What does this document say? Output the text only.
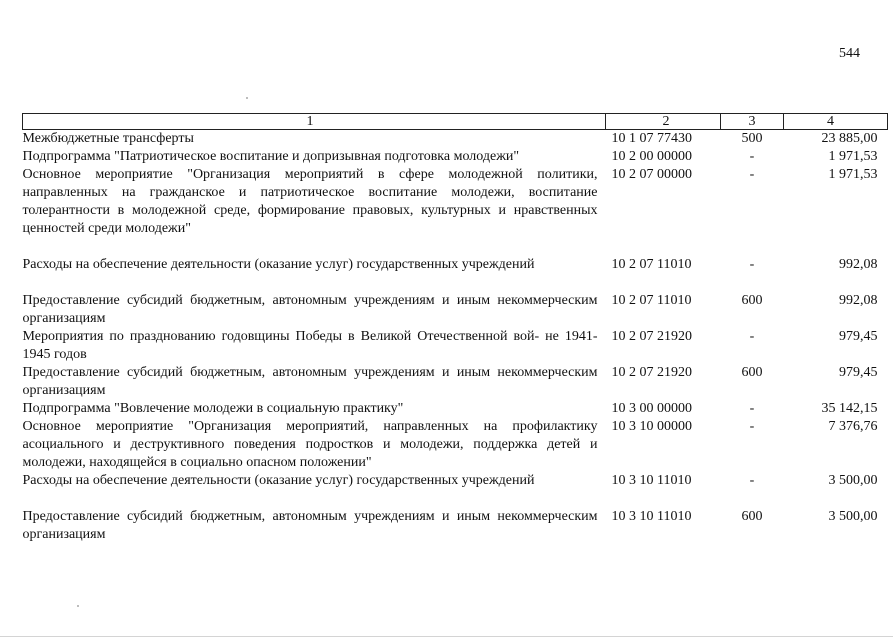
544
1	2	3	4
Межбюджетные трансферты	10 1 07 77430	500	23 885,00
Подпрограмма "Патриотическое воспитание и допризывная подготовка молодежи"	10 2 00 00000	-	1 971,53
Основное мероприятие "Организация мероприятий в сфере молодежной политики, направленных на гражданское и патриотическое воспитание молодежи, воспитание толерантности в молодежной среде, формирование правовых, культурных и нравственных ценностей среди молодежи"	10 2 07 00000	-	1 971,53
Расходы на обеспечение деятельности (оказание услуг) государственных учреждений	10 2 07 11010	-	992,08
Предоставление субсидий бюджетным, автономным учреждениям и иным некоммерческим организациям	10 2 07 11010	600	992,08
Мероприятия по празднованию годовщины Победы в Великой Отечественной вой- не 1941-1945 годов	10 2 07 21920	-	979,45
Предоставление субсидий бюджетным, автономным учреждениям и иным некоммерческим организациям	10 2 07 21920	600	979,45
Подпрограмма "Вовлечение молодежи в социальную практику"	10 3 00 00000	-	35 142,15
Основное мероприятие "Организация мероприятий, направленных на профилактику асоциального и деструктивного поведения подростков и молодежи, поддержка детей и молодежи, находящейся в социально опасном положении"	10 3 10 00000	-	7 376,76
Расходы на обеспечение деятельности (оказание услуг) государственных учреждений	10 3 10 11010	-	3 500,00
Предоставление субсидий бюджетным, автономным учреждениям и иным некоммерческим организациям	10 3 10 11010	600	3 500,00
